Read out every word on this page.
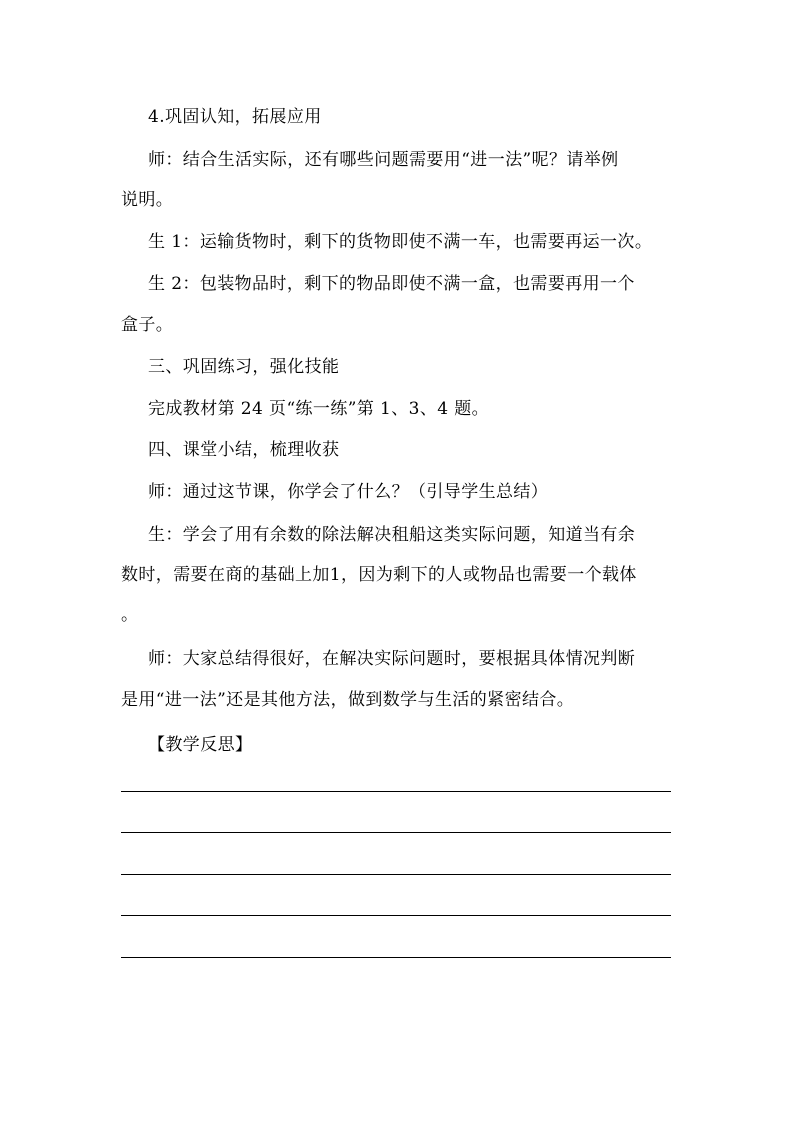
4.巩固认知，拓展应用
师：结合生活实际，还有哪些问题需要用“进一法”呢？请举例
说明。
生 1：运输货物时，剩下的货物即使不满一车，也需要再运一次。
生 2：包装物品时，剩下的物品即使不满一盒，也需要再用一个
盒子。
三、巩固练习，强化技能
完成教材第 24 页“练一练”第 1、3、4 题。
四、课堂小结，梳理收获
师：通过这节课，你学会了什么？（引导学生总结）
生：学会了用有余数的除法解决租船这类实际问题，知道当有余
数时，需要在商的基础上加1，因为剩下的人或物品也需要一个载体
。
师：大家总结得很好，在解决实际问题时，要根据具体情况判断
是用“进一法”还是其他方法，做到数学与生活的紧密结合。
【教学反思】
